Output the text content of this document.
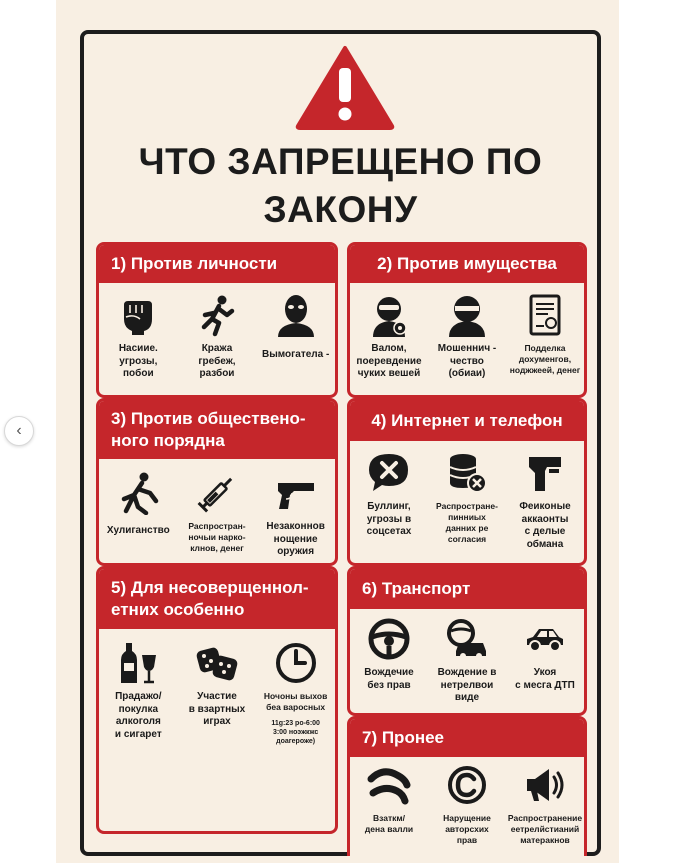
‹
ЧТО ЗАПРЕЩЕНО ПО
ЗАКОНУ
1) Против личности
Насиие.
угрозы,
побои
Кража
гребеж,
разбои
Вымогатела -
2) Против имущества
Валом,
поеревдение
чуких вешей
Мошеннич -
чество
(обиаи)
Подделка
дохуменгов,
ноджжеей, денег
3) Против обществено-
ного порядна
Хулиганство Распростран-
ночыи нарко-
клнов, денег
Незаконнов
нощение
оружия
4) Интернет и телефон
Буллинг,
угрозы в
соцсетах
Распростране-
пинниых
данних ре
согласия
Феиконые
аккаонты
с делые
обмана
5) Для несоверщеннол-
етних особенно
Прадажо/
покулка
алкоголя
и сигарет
Участие
в взартных
играх
Ночоны выхов
беа варосных
11g:23 po-6:00
3:00 ноэжкжс
доагероже)
6) Транспорт
Вождечие
без прав
Вождение в
нетрелвои
виде
Укоя
с месга ДТП
7) Пронее
Взаткм/
дена валли
Нарущение
авторсхих
прав
Распространение
еетрелйстианий
матеракнов
